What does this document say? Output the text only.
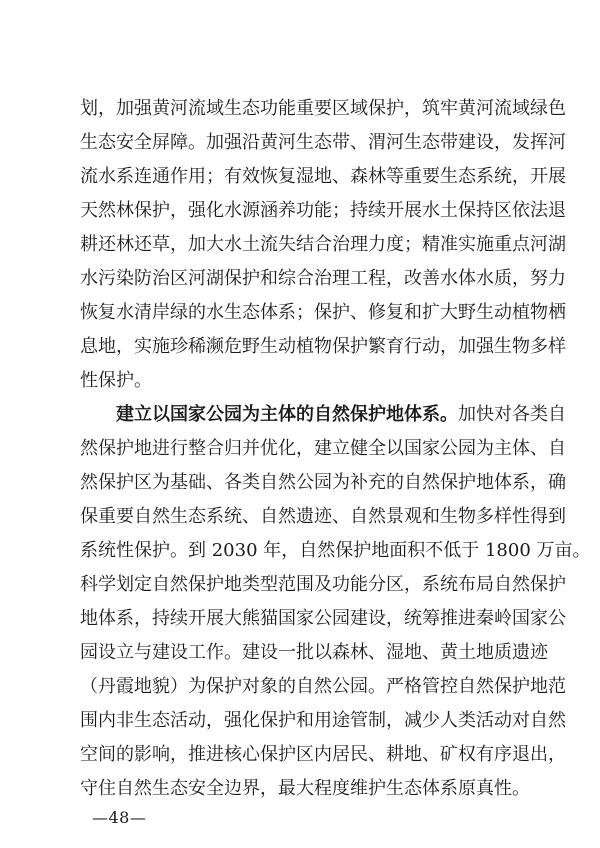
划，加强黄河流域生态功能重要区域保护，筑牢黄河流域绿色
生态安全屏障。加强沿黄河生态带、渭河生态带建设，发挥河
流水系连通作用；有效恢复湿地、森林等重要生态系统，开展
天然林保护，强化水源涵养功能；持续开展水土保持区依法退
耕还林还草，加大水土流失结合治理力度；精准实施重点河湖
水污染防治区河湖保护和综合治理工程，改善水体水质，努力
恢复水清岸绿的水生态体系；保护、修复和扩大野生动植物栖
息地，实施珍稀濒危野生动植物保护繁育行动，加强生物多样
性保护。
建立以国家公园为主体的自然保护地体系。加快对各类自
然保护地进行整合归并优化，建立健全以国家公园为主体、自
然保护区为基础、各类自然公园为补充的自然保护地体系，确
保重要自然生态系统、自然遗迹、自然景观和生物多样性得到
系统性保护。到 2030 年，自然保护地面积不低于 1800 万亩。
科学划定自然保护地类型范围及功能分区，系统布局自然保护
地体系，持续开展大熊猫国家公园建设，统筹推进秦岭国家公
园设立与建设工作。建设一批以森林、湿地、黄土地质遗迹
（丹霞地貌）为保护对象的自然公园。严格管控自然保护地范
围内非生态活动，强化保护和用途管制，减少人类活动对自然
空间的影响，推进核心保护区内居民、耕地、矿权有序退出，
守住自然生态安全边界，最大程度维护生态体系原真性。
—48—
